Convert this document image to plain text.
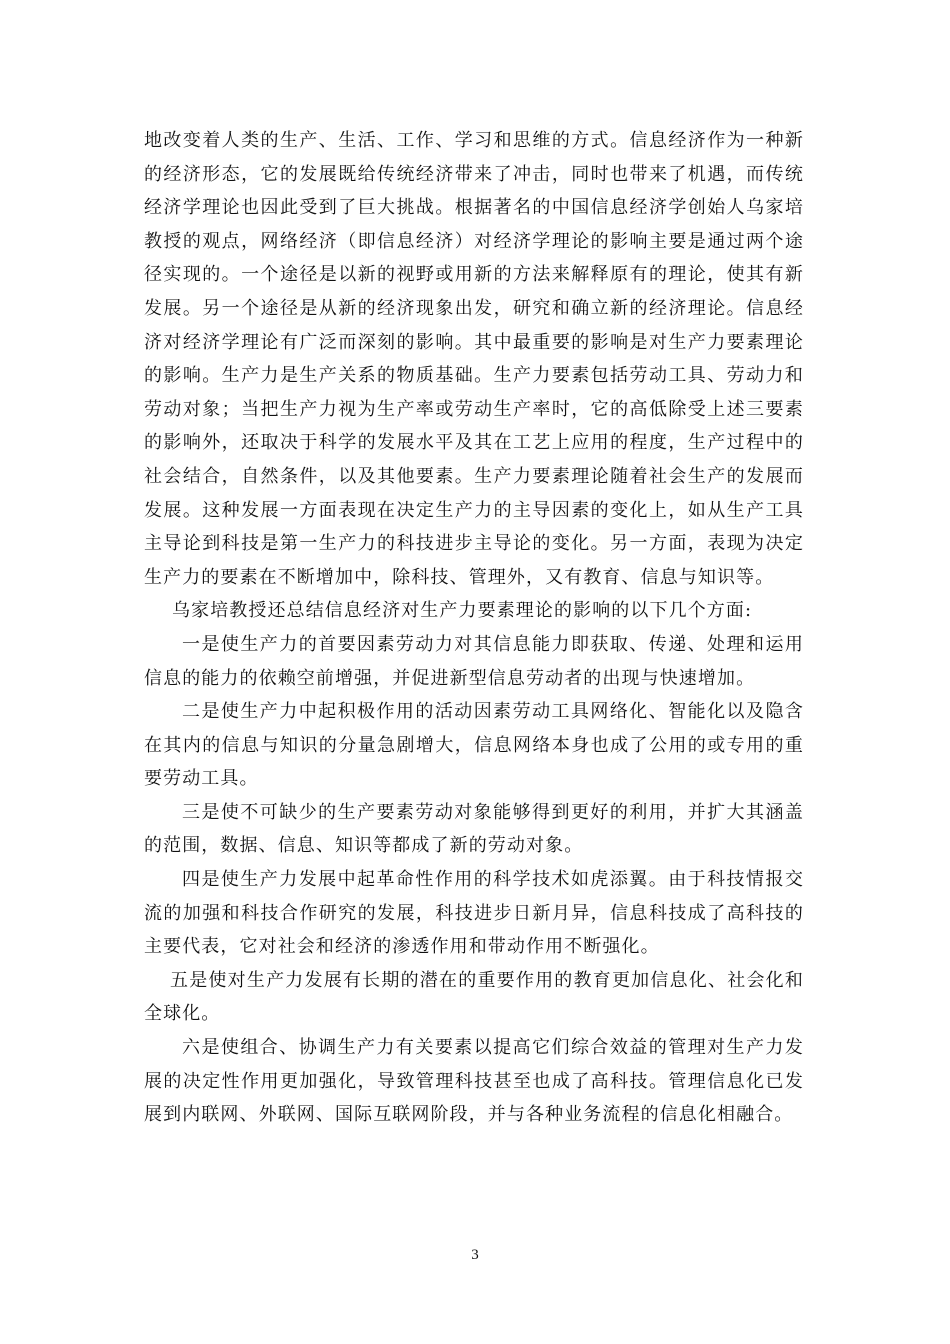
地改变着人类的生产、生活、工作、学习和思维的方式。信息经济作为一种新的经济形态，它的发展既给传统经济带来了冲击，同时也带来了机遇，而传统经济学理论也因此受到了巨大挑战。根据著名的中国信息经济学创始人乌家培教授的观点，网络经济（即信息经济）对经济学理论的影响主要是通过两个途径实现的。一个途径是以新的视野或用新的方法来解释原有的理论，使其有新发展。另一个途径是从新的经济现象出发，研究和确立新的经济理论。信息经济对经济学理论有广泛而深刻的影响。其中最重要的影响是对生产力要素理论的影响。生产力是生产关系的物质基础。生产力要素包括劳动工具、劳动力和劳动对象；当把生产力视为生产率或劳动生产率时，它的高低除受上述三要素的影响外，还取决于科学的发展水平及其在工艺上应用的程度，生产过程中的社会结合，自然条件，以及其他要素。生产力要素理论随着社会生产的发展而发展。这种发展一方面表现在决定生产力的主导因素的变化上，如从生产工具主导论到科技是第一生产力的科技进步主导论的变化。另一方面，表现为决定生产力的要素在不断增加中，除科技、管理外，又有教育、信息与知识等。

乌家培教授还总结信息经济对生产力要素理论的影响的以下几个方面:

一是使生产力的首要因素劳动力对其信息能力即获取、传递、处理和运用信息的能力的依赖空前增强，并促进新型信息劳动者的出现与快速增加。

二是使生产力中起积极作用的活动因素劳动工具网络化、智能化以及隐含在其内的信息与知识的分量急剧增大，信息网络本身也成了公用的或专用的重要劳动工具。

三是使不可缺少的生产要素劳动对象能够得到更好的利用，并扩大其涵盖的范围，数据、信息、知识等都成了新的劳动对象。

四是使生产力发展中起革命性作用的科学技术如虎添翼。由于科技情报交流的加强和科技合作研究的发展，科技进步日新月异，信息科技成了高科技的主要代表，它对社会和经济的渗透作用和带动作用不断强化。

五是使对生产力发展有长期的潜在的重要作用的教育更加信息化、社会化和全球化。

六是使组合、协调生产力有关要素以提高它们综合效益的管理对生产力发展的决定性作用更加强化，导致管理科技甚至也成了高科技。管理信息化已发展到内联网、外联网、国际互联网阶段，并与各种业务流程的信息化相融合。

3
